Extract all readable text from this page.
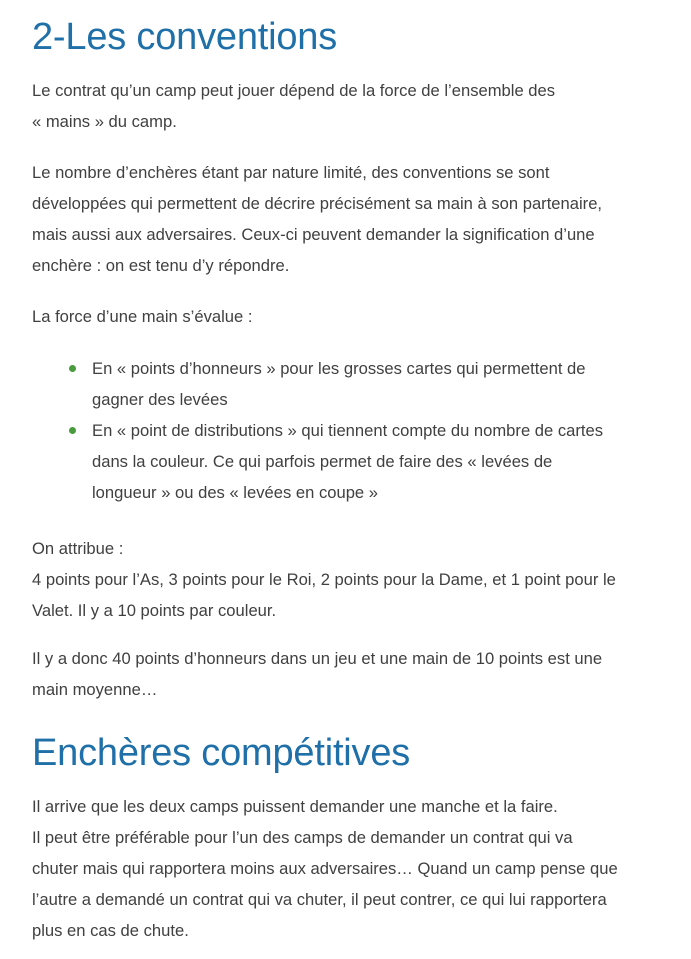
2-Les conventions

Le contrat qu’un camp peut jouer dépend de la force de l’ensemble des

« mains » du camp.

Le nombre d’enchères étant par nature limité, des conventions se sont

développées qui permettent de décrire précisément sa main à son partenaire,

mais aussi aux adversaires. Ceux-ci peuvent demander la signification d’une

enchère : on est tenu d’y répondre.

La force d’une main s’évalue :

En « points d’honneurs » pour les grosses cartes qui permettent de
gagner des levées
En « point de distributions » qui tiennent compte du nombre de cartes
dans la couleur. Ce qui parfois permet de faire des « levées de
longueur » ou des « levées en coupe »

On attribue :

4 points pour l’As, 3 points pour le Roi, 2 points pour la Dame, et 1 point pour le

Valet. Il y a 10 points par couleur.

Il y a donc 40 points d’honneurs dans un jeu et une main de 10 points est une

main moyenne…

Enchères compétitives

Il arrive que les deux camps puissent demander une manche et la faire.

Il peut être préférable pour l’un des camps de demander un contrat qui va

chuter mais qui rapportera moins aux adversaires… Quand un camp pense que

l’autre a demandé un contrat qui va chuter, il peut contrer, ce qui lui rapportera

plus en cas de chute.
